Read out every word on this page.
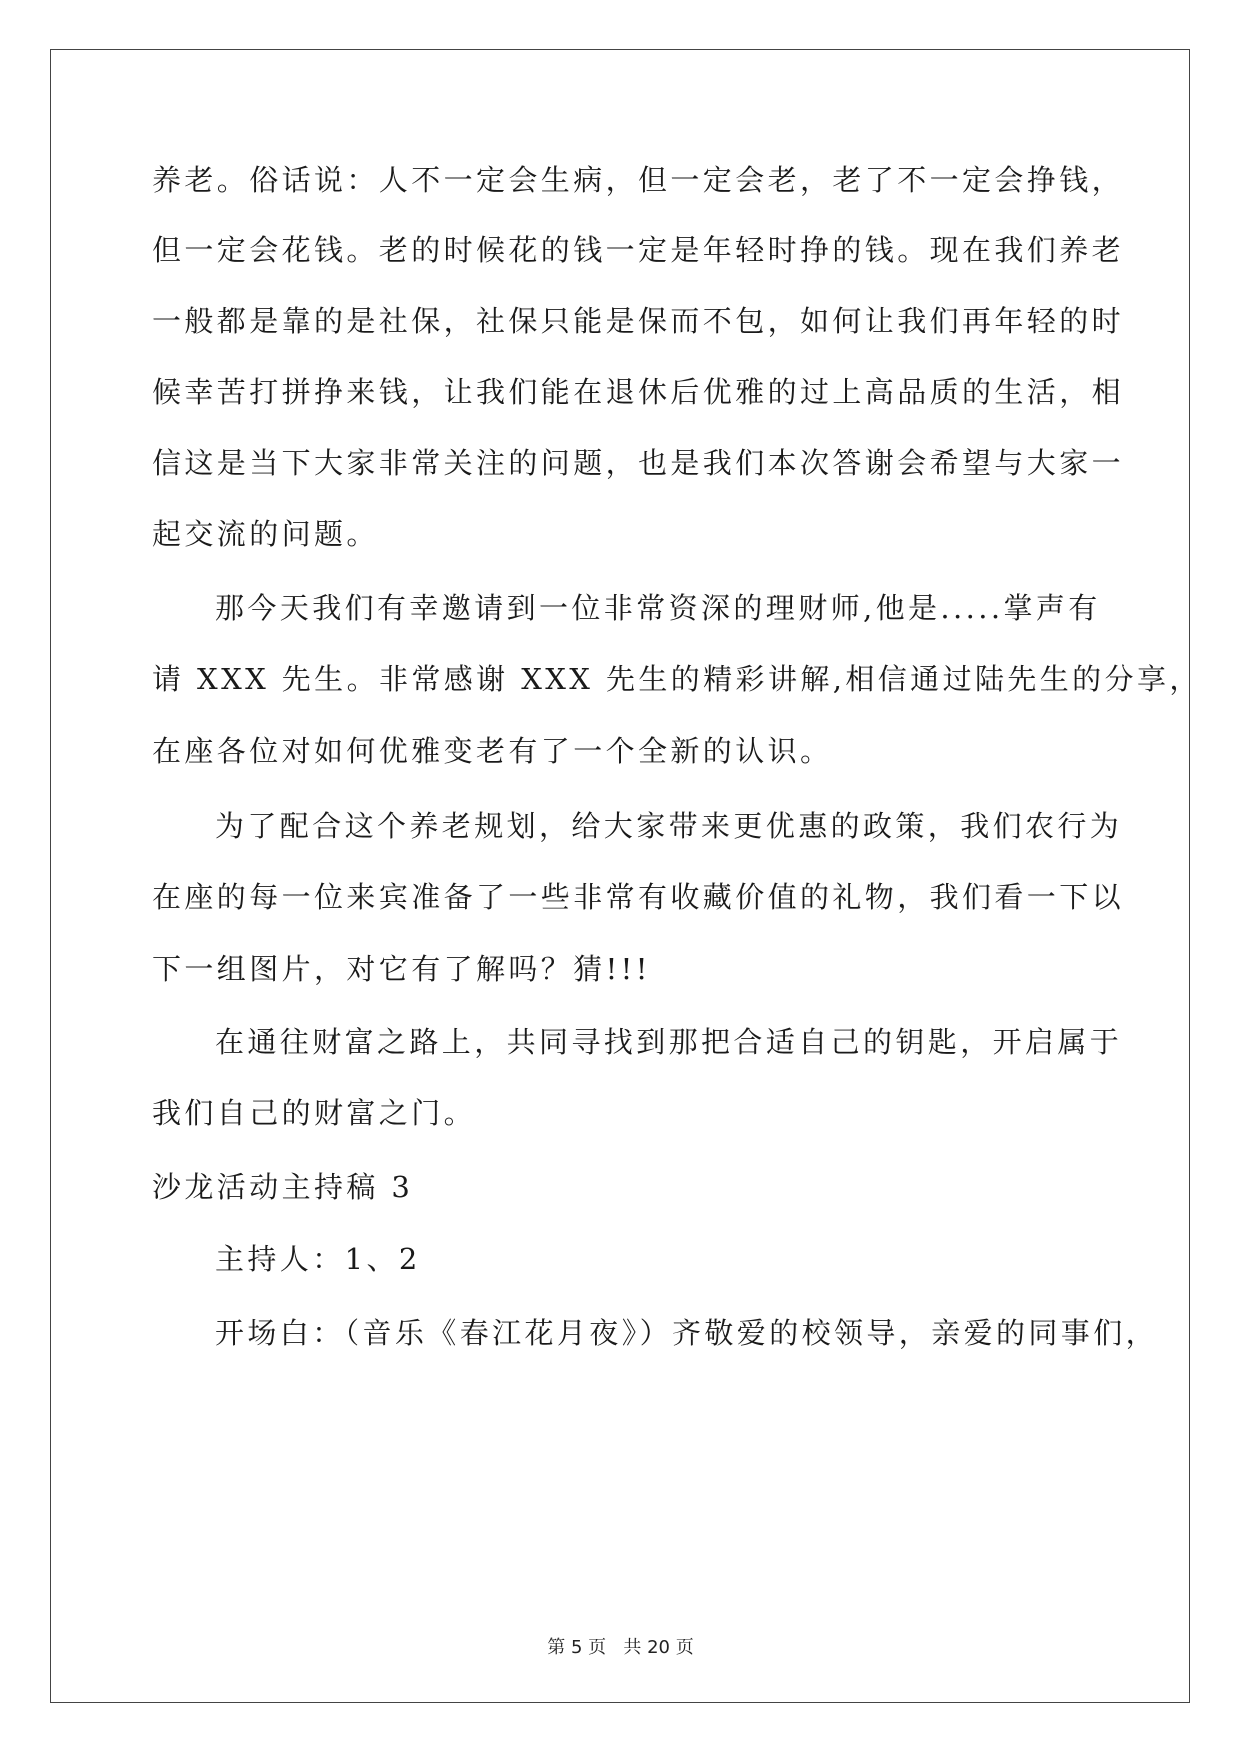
养老。俗话说：人不一定会生病，但一定会老，老了不一定会挣钱，
但一定会花钱。老的时候花的钱一定是年轻时挣的钱。现在我们养老
一般都是靠的是社保，社保只能是保而不包，如何让我们再年轻的时
候幸苦打拼挣来钱，让我们能在退休后优雅的过上高品质的生活，相
信这是当下大家非常关注的问题，也是我们本次答谢会希望与大家一
起交流的问题。
那今天我们有幸邀请到一位非常资深的理财师,他是.....掌声有
请 XXX 先生。非常感谢 XXX 先生的精彩讲解,相信通过陆先生的分享，
在座各位对如何优雅变老有了一个全新的认识。
为了配合这个养老规划，给大家带来更优惠的政策，我们农行为
在座的每一位来宾准备了一些非常有收藏价值的礼物，我们看一下以
下一组图片，对它有了解吗？猜!!!
在通往财富之路上，共同寻找到那把合适自己的钥匙，开启属于
我们自己的财富之门。
沙龙活动主持稿 3
主持人：1、2
开场白：（音乐《春江花月夜》）齐敬爱的校领导，亲爱的同事们，
第 5 页   共 20 页
